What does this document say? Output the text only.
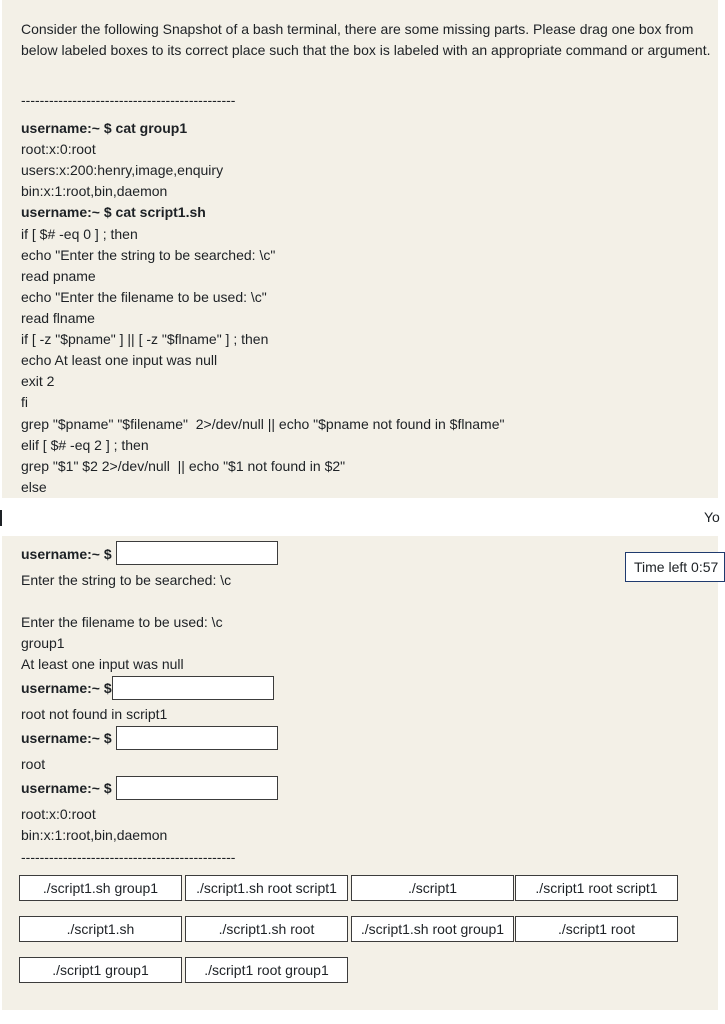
Consider the following Snapshot of a bash terminal, there are some missing parts. Please drag one box from below labeled boxes to its correct place such that the box is labeled with an appropriate command or argument.
----------------------------------------------
username:~ $ cat group1
root:x:0:root
users:x:200:henry,image,enquiry
bin:x:1:root,bin,daemon
username:~ $ cat script1.sh
if [ $# -eq 0 ] ; then
echo "Enter the string to be searched: \c"
read pname
echo "Enter the filename to be used: \c"
read flname
if [ -z "$pname" ] || [ -z "$flname" ] ; then
echo At least one input was null
exit 2
fi
grep "$pname" "$filename"  2>/dev/null || echo "$pname not found in $flname"
elif [ $# -eq 2 ] ; then
grep "$1" $2 2>/dev/null  || echo "$1 not found in $2"
else
Yo
username:~ $
Enter the string to be searched: \c
Enter the filename to be used: \c
group1
At least one input was null
username:~ $
root not found in script1
username:~ $
root
username:~ $
root:x:0:root
bin:x:1:root,bin,daemon
----------------------------------------------
./script1.sh group1	./script1.sh root script1	./script1	./script1 root script1
./script1.sh	./script1.sh root	./script1.sh root group1	./script1 root
./script1 group1	./script1 root group1
Time left 0:57
